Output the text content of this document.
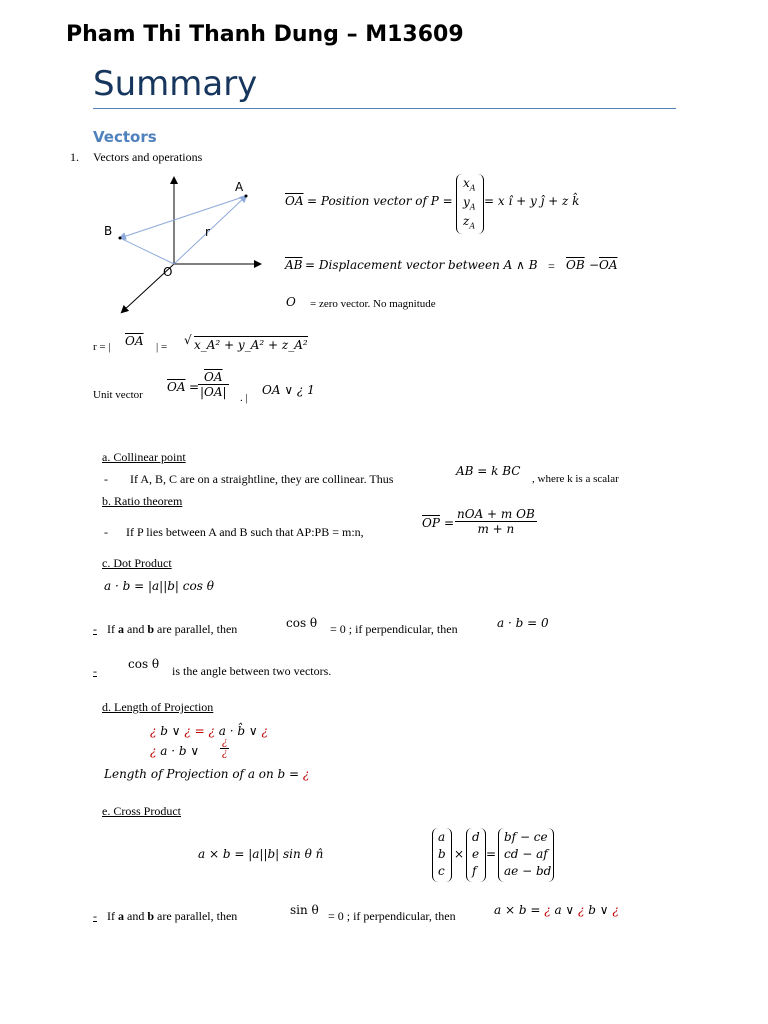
Pham Thi Thanh Dung – M13609
Summary
Vectors
1. Vectors and operations
A
B	r
O
$\overline{OA}$ = Position vector of P =
$x_A$
$y_A$
$z_A$
= x î + y ĵ + z k̂
$\overline{AB}$ = Displacement vector between A ∧ $B = \overline{OB} - \overline{OA}$
O = zero vector. No magnitude
r = | $\overline{OA}$ | = √ x_A² + y_A² + z_A²
Unit vector
$\overline{OA}$ =
$\frac{\overline{OA}}{|OA|}$ . |
OA ∨ ¿ 1
a. Collinear point
- If A, B, C are on a straightline, they are collinear. Thus
AB = k BC
, where k is a scalar
b. Ratio theorem
- If P lies between A and B such that AP:PB = m:n,
$\overline{OP}$ =
nOA + m OB
m + n
c. Dot Product
a · b = |a||b| cos θ
- If a and b are parallel, then	cos θ = 0 ; if perpendicular, then	a · b = 0
-	cos θ is the angle between two vectors.
d. Length of Projection
¿ b ∨ ¿ = ¿ a · b̂ ∨ ¿
¿ a · b ∨
¿
¿
Length of Projection of a on b = ¿
e. Cross Product
a × b = |a||b| sin θ n̂
a
b
c
×
d
e
f
=
bf − ce
cd − af
ae − bd
- If a and b are parallel, then	sin θ = 0 ; if perpendicular, then	a × b = ¿ a ∨ ¿ b ∨ ¿
